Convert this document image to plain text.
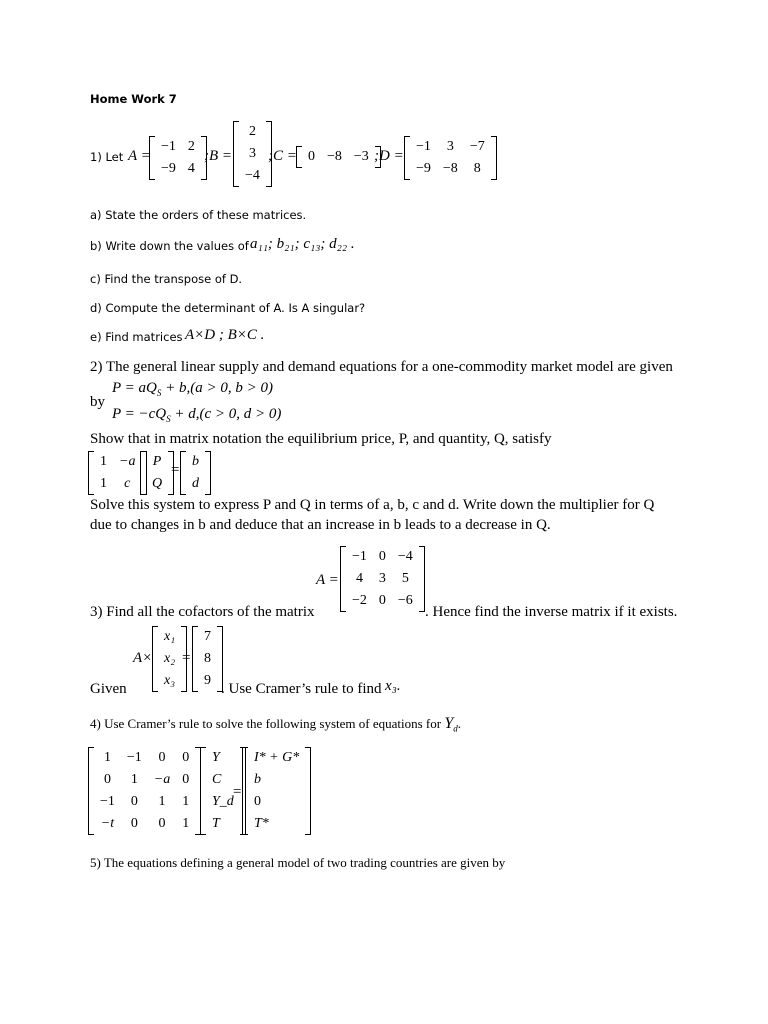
Home Work 7
1) Let A =
−1	2
−9	4
;B =
2
3
−4
;C = 0	−8	−3 ;D =
−1	3	−7
−9	−8	8
a) State the orders of these matrices.
b) Write down the values of a₁₁; b₂₁; c₁₃; d₂₂ .
c) Find the transpose of D.
d) Compute the determinant of A. Is A singular?
e) Find matrices A×D ; B×C .
2) The general linear supply and demand equations for a one-commodity market model are given
$P = aQ_S + b,(a > 0$, b > 0)
by
$P = -cQ_S + d,(c > 0$, d > 0)
Show that in matrix notation the equilibrium price, P, and quantity, Q, satisfy
1	−a
1	c
P
Q
=
b
d
Solve this system to express P and Q in terms of a, b, c and d. Write down the multiplier for Q
due to changes in b and deduce that an increase in b leads to a decrease in Q.
A =
−1	0	−4
4	3	5
−2	0	−6
3) Find all the cofactors of the matrix	. Hence find the inverse matrix if it exists.
A×
x₁
x₂
x₃
=
7
8
9
Given	. Use Cramer’s rule to find x₃.
4) Use Cramer’s rule to solve the following system of equations for $Y_d$.
1	−1	0	0
0	1	−a	0
−1	0	1	1
−t	0	0	1
Y
C
Y_d
T
=
I* + G*
b
0
T*
5) The equations defining a general model of two trading countries are given by
